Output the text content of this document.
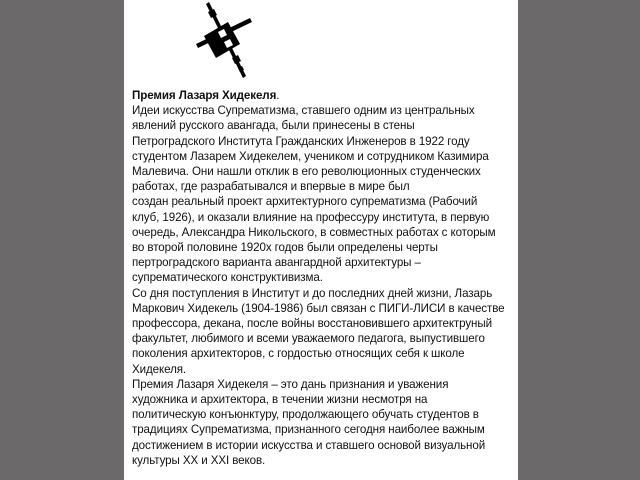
Премия Лазаря Хидекеля.
Идеи искусства Супрематизма, ставшего одним из центральных
явлений русского авангада, были принесены в стены
Петроградского Института Гражданских Инженеров в 1922 году
студентом Лазарем Хидекелем, учеником и сотрудником Казимира
Малевича. Они нашли отклик в его революционных студенческих
работах, где разрабатывался и впервые в мире был
создан реальный проект архитектурного супрематизма (Рабочий
клуб, 1926), и оказали влияние на профессуру института, в первую
очередь, Александра Никольского, в совместных работах с которым
во второй половине 1920х годов были определены черты
пертроградского варианта авангардной архитектуры –
супрематического конструктивизма.
Со дня поступления в Институт и до последних дней жизни, Лазарь
Маркович Хидекель (1904-1986) был связан с ПИГИ-ЛИСИ в качестве
профессора, декана, после войны восстановившего архитектруный
факультет, любимого и всеми уважаемого педагога, выпустившего
поколения архитекторов, с гордостью относящих себя к школе
Хидекеля.
Премия Лазаря Хидекеля – это дань признания и уважения
художника и архитектора, в течении жизни несмотря на
политическую конъюнктуру, продолжающего обучать студентов в
традициях Супрематизма, признанного сегодня наиболее важным
достижением в истории искусства и ставшего основой визуальной
культуры XX и XXI веков.
